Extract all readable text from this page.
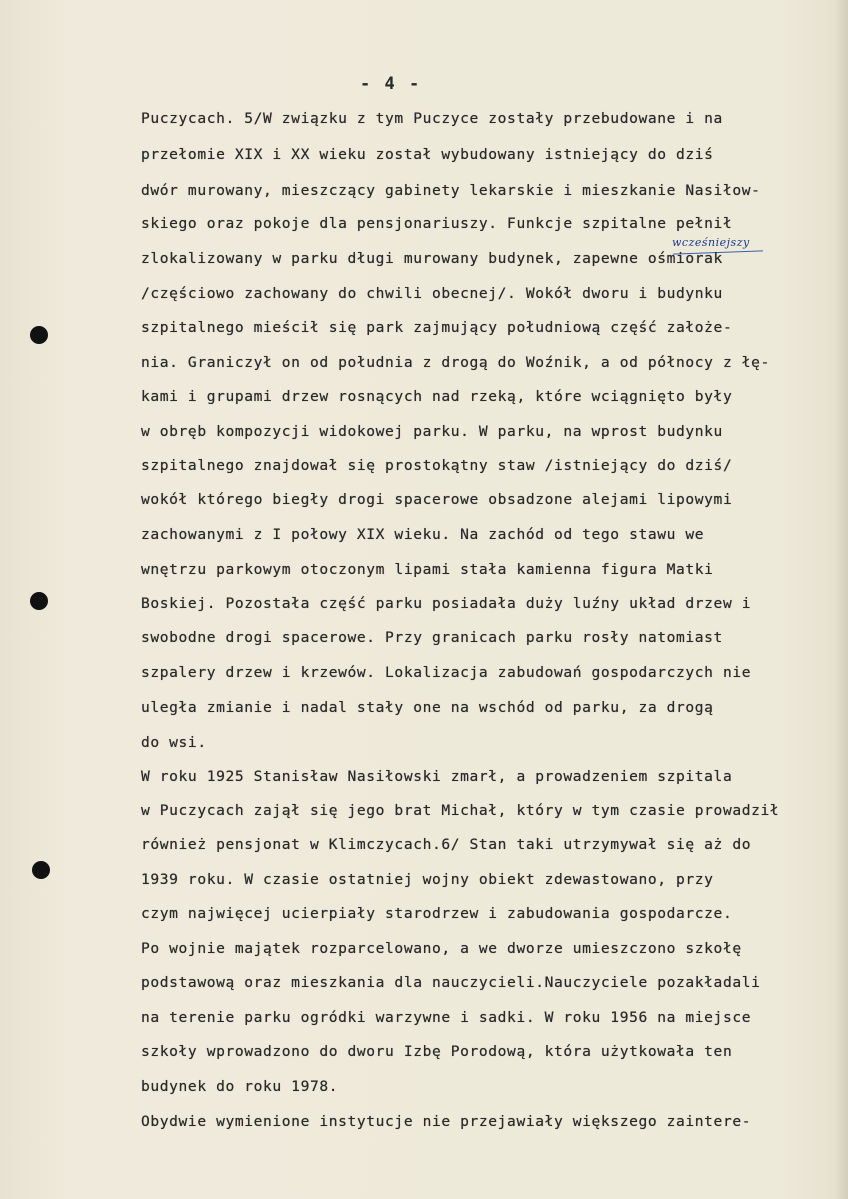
- 4 -
wcześniejszy
Puczycach. 5/W związku z tym Puczyce zostały przebudowane i na
przełomie XIX i XX wieku został wybudowany istniejący do dziś
dwór murowany, mieszczący gabinety lekarskie i mieszkanie Nasiłow-
skiego oraz pokoje dla pensjonariuszy. Funkcje szpitalne pełnił
zlokalizowany w parku długi murowany budynek, zapewne ośmiorak
/częściowo zachowany do chwili obecnej/. Wokół dworu i budynku
szpitalnego mieścił się park zajmujący południową część założe-
nia. Graniczył on od południa z drogą do Woźnik, a od północy z łę-
kami i grupami drzew rosnących nad rzeką, które wciągnięto były
w obręb kompozycji widokowej parku. W parku, na wprost budynku
szpitalnego znajdował się prostokątny staw /istniejący do dziś/
wokół którego biegły drogi spacerowe obsadzone alejami lipowymi
zachowanymi z I połowy XIX wieku. Na zachód od tego stawu we
wnętrzu parkowym otoczonym lipami stała kamienna figura Matki
Boskiej. Pozostała część parku posiadała duży luźny układ drzew i
swobodne drogi spacerowe. Przy granicach parku rosły natomiast
szpalery drzew i krzewów. Lokalizacja zabudowań gospodarczych nie
uległa zmianie i nadal stały one na wschód od parku, za drogą
do wsi.
W roku 1925 Stanisław Nasiłowski zmarł, a prowadzeniem szpitala
w Puczycach zajął się jego brat Michał, który w tym czasie prowadził
również pensjonat w Klimczycach.6/ Stan taki utrzymywał się aż do
1939 roku. W czasie ostatniej wojny obiekt zdewastowano, przy
czym najwięcej ucierpiały starodrzew i zabudowania gospodarcze.
Po wojnie majątek rozparcelowano, a we dworze umieszczono szkołę
podstawową oraz mieszkania dla nauczycieli.Nauczyciele pozakładali
na terenie parku ogródki warzywne i sadki. W roku 1956 na miejsce
szkoły wprowadzono do dworu Izbę Porodową, która użytkowała ten
budynek do roku 1978.
Obydwie wymienione instytucje nie przejawiały większego zaintere-
